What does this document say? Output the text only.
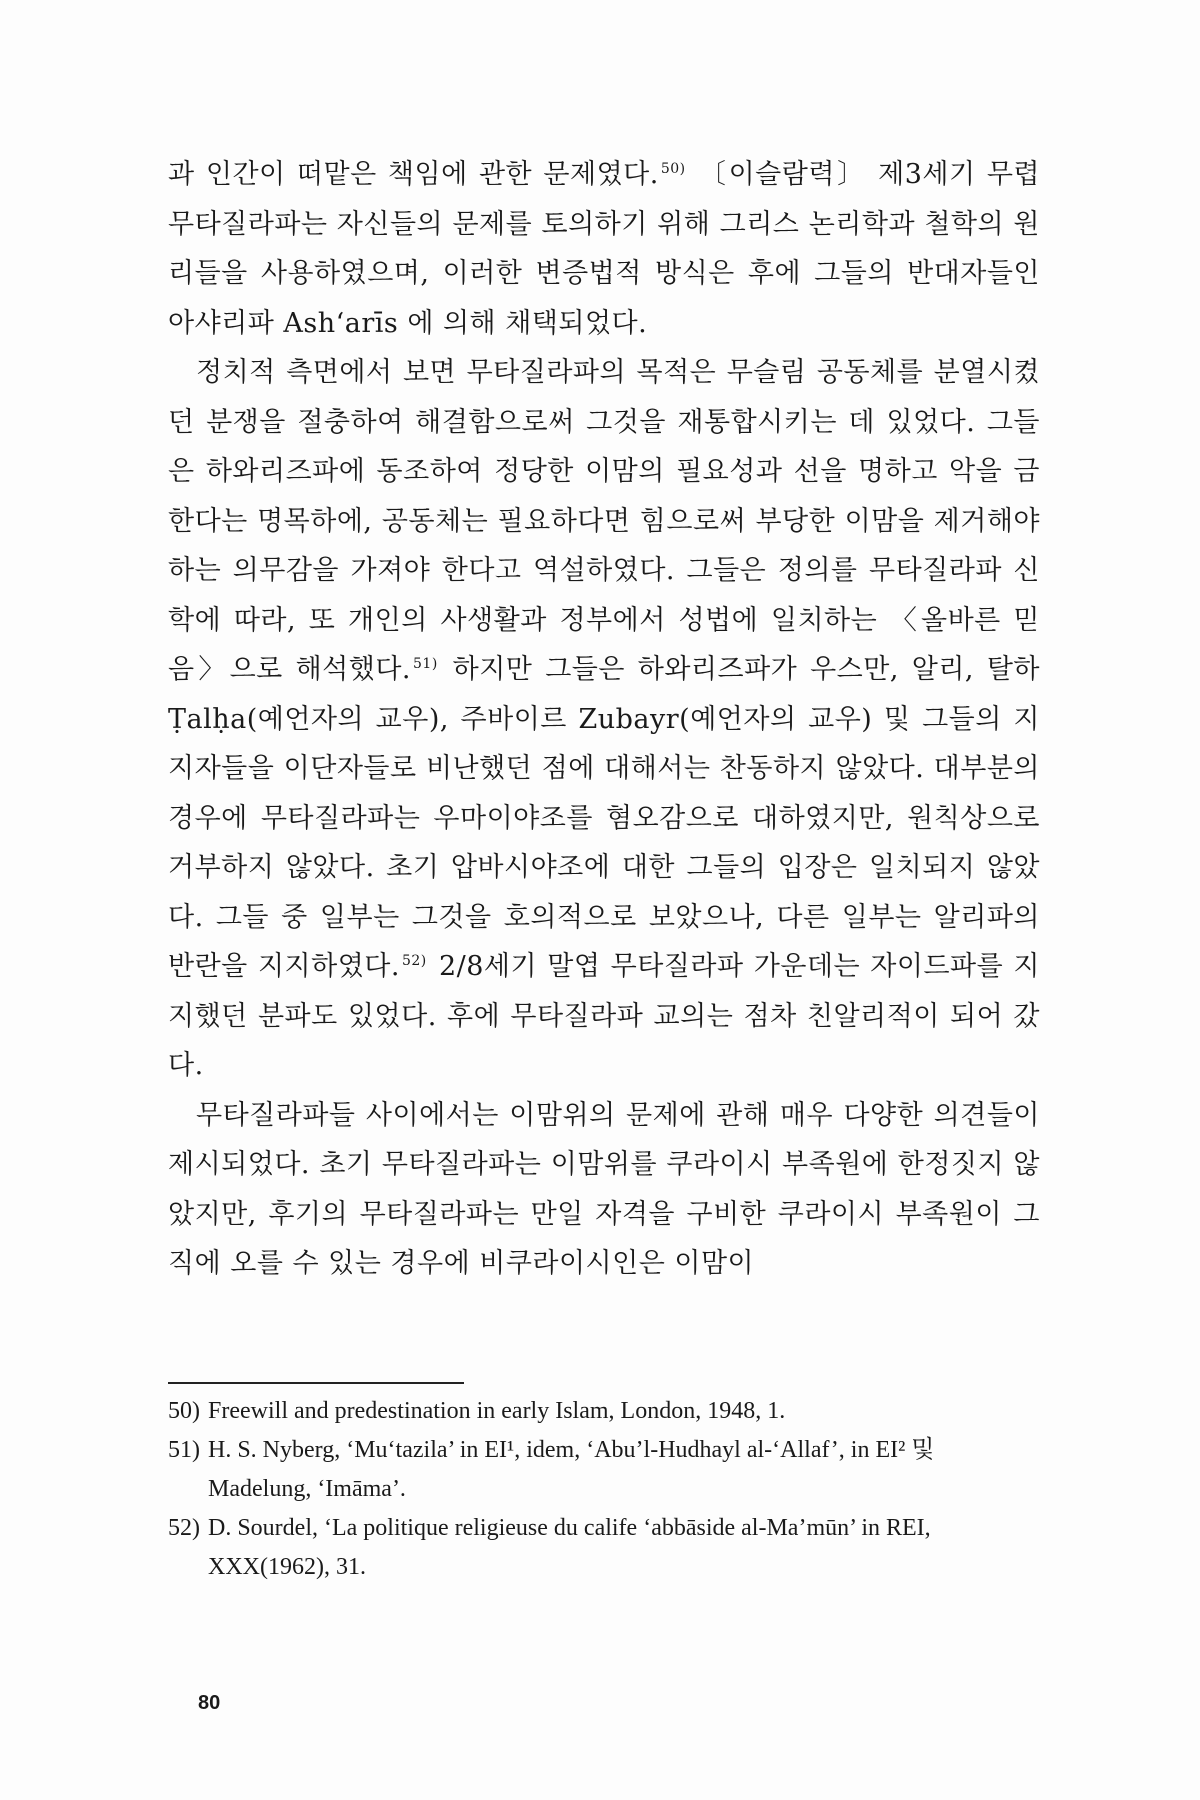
과 인간이 떠맡은 책임에 관한 문제였다. $^{50)}$ 〔이슬람력〕 제3세기 무렵 무타질라파는 자신들의 문제를 토의하기 위해 그리스 논리학과 철학의 원리들을 사용하였으며, 이러한 변증법적 방식은 후에 그들의 반대자들인 아샤리파 Ash‘arīs 에 의해 채택되었다.

정치적 측면에서 보면 무타질라파의 목적은 무슬림 공동체를 분열시켰던 분쟁을 절충하여 해결함으로써 그것을 재통합시키는 데 있었다. 그들은 하와리즈파에 동조하여 정당한 이맘의 필요성과 선을 명하고 악을 금한다는 명목하에, 공동체는 필요하다면 힘으로써 부당한 이맘을 제거해야 하는 의무감을 가져야 한다고 역설하였다. 그들은 정의를 무타질라파 신학에 따라, 또 개인의 사생활과 정부에서 성법에 일치하는 〈올바른 믿음〉으로 해석했다. $^{51)}$ 하지만 그들은 하와리즈파가 우스만, 알리, 탈하 Ṭalḥa(예언자의 교우), 주바이르 Zubayr(예언자의 교우) 및 그들의 지지자들을 이단자들로 비난했던 점에 대해서는 찬동하지 않았다. 대부분의 경우에 무타질라파는 우마이야조를 혐오감으로 대하였지만, 원칙상으로 거부하지 않았다. 초기 압바시야조에 대한 그들의 입장은 일치되지 않았다. 그들 중 일부는 그것을 호의적으로 보았으나, 다른 일부는 알리파의 반란을 지지하였다. $^{52)}$ 2/8세기 말엽 무타질라파 가운데는 자이드파를 지지했던 분파도 있었다. 후에 무타질라파 교의는 점차 친알리적이 되어 갔다.

무타질라파들 사이에서는 이맘위의 문제에 관해 매우 다양한 의견들이 제시되었다. 초기 무타질라파는 이맘위를 쿠라이시 부족원에 한정짓지 않았지만, 후기의 무타질라파는 만일 자격을 구비한 쿠라이시 부족원이 그 직에 오를 수 있는 경우에 비쿠라이시인은 이맘이

50) Freewill and predestination in early Islam, London, 1948, 1.

51) H. S. Nyberg, ‘Mu‘tazila’ in EI¹, idem, ‘Abu’l-Hudhayl al-‘Allaf’, in EI² 및 Madelung, ‘Imāma’.

52) D. Sourdel, ‘La politique religieuse du calife ‘abbāside al-Ma’mūn’ in REI, XXX(1962), 31.

80
